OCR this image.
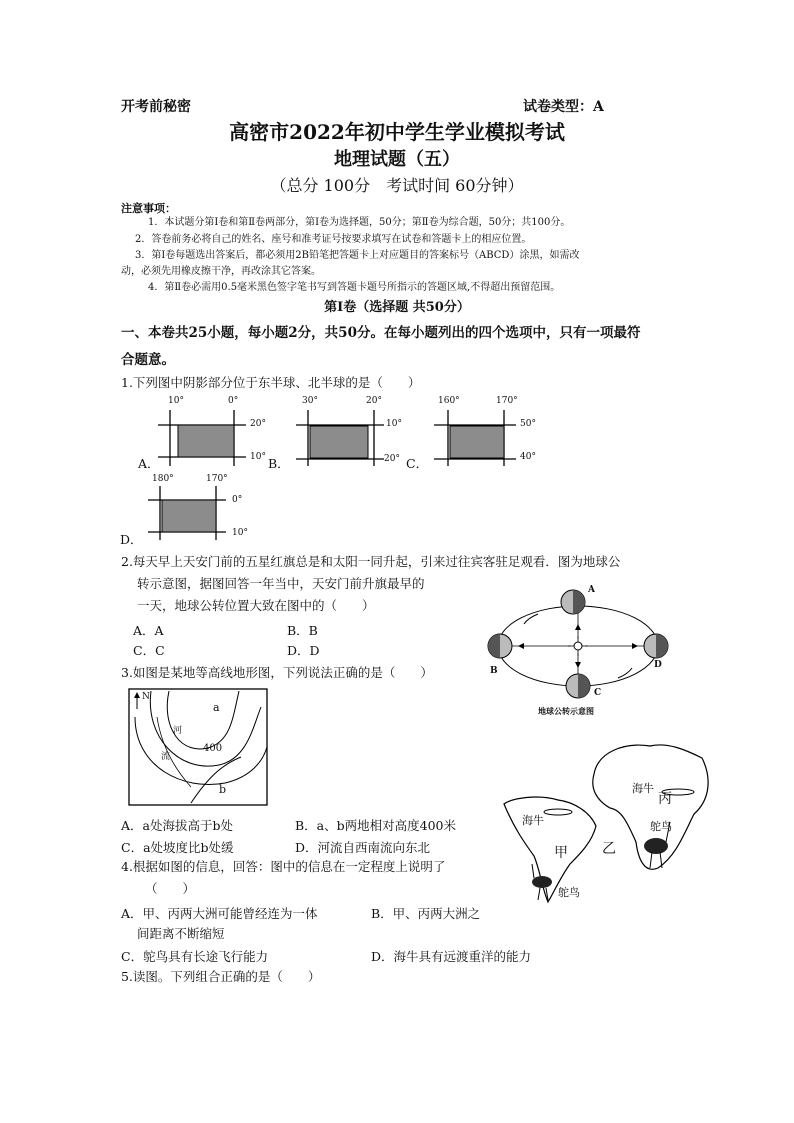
开考前秘密	试卷类型：A
高密市2022年初中学生学业模拟考试
地理试题（五）
（总分 100分　考试时间 60分钟）
注意事项：
1．本试题分第Ⅰ卷和第Ⅱ卷两部分，第Ⅰ卷为选择题，50分；第Ⅱ卷为综合题，50分；共100分。
2．答卷前务必将自己的姓名、座号和准考证号按要求填写在试卷和答题卡上的相应位置。
3．第Ⅰ卷每题选出答案后，都必须用2B铅笔把答题卡上对应题目的答案标号（ABCD）涂黑，如需改
动，必须先用橡皮擦干净，再改涂其它答案。
4．第Ⅱ卷必需用0.5毫米黑色签字笔书写到答题卡题号所指示的答题区域,不得超出预留范围。
第Ⅰ卷（选择题 共50分）
一、本卷共25小题，每小题2分，共50分。在每小题列出的四个选项中，只有一项最符
合题意。
1.下列图中阴影部分位于东半球、北半球的是（　　）
10°	0°
20°
10°
A．
30°	20°
10°
20°
B．
160°	170°
50°
40°
C．
180°	170°
0°
10°
D．
2.每天早上天安门前的五星红旗总是和太阳一同升起，引来过往宾客驻足观看．图为地球公
转示意图，据图回答一年当中，天安门前升旗最早的
一天，地球公转位置大致在图中的（　　）
A．A	B．B
C．C	D．D
A
B
C
D
地球公转示意图
3.如图是某地等高线地形图，下列说法正确的是（　　）
N
a
河
流
400
b
A．a处海拔高于b处	B．a、b两地相对高度400米
C．a处坡度比b处缓	D．河流自西南流向东北
海牛
海牛
丙
甲 乙
鸵鸟
鸵鸟
4.根据如图的信息，回答：图中的信息在一定程度上说明了
（　　）
A．甲、丙两大洲可能曾经连为一体	B．甲、丙两大洲之
间距离不断缩短
C．鸵鸟具有长途飞行能力	D．海牛具有远渡重洋的能力
5.读图。下列组合正确的是（　　）
